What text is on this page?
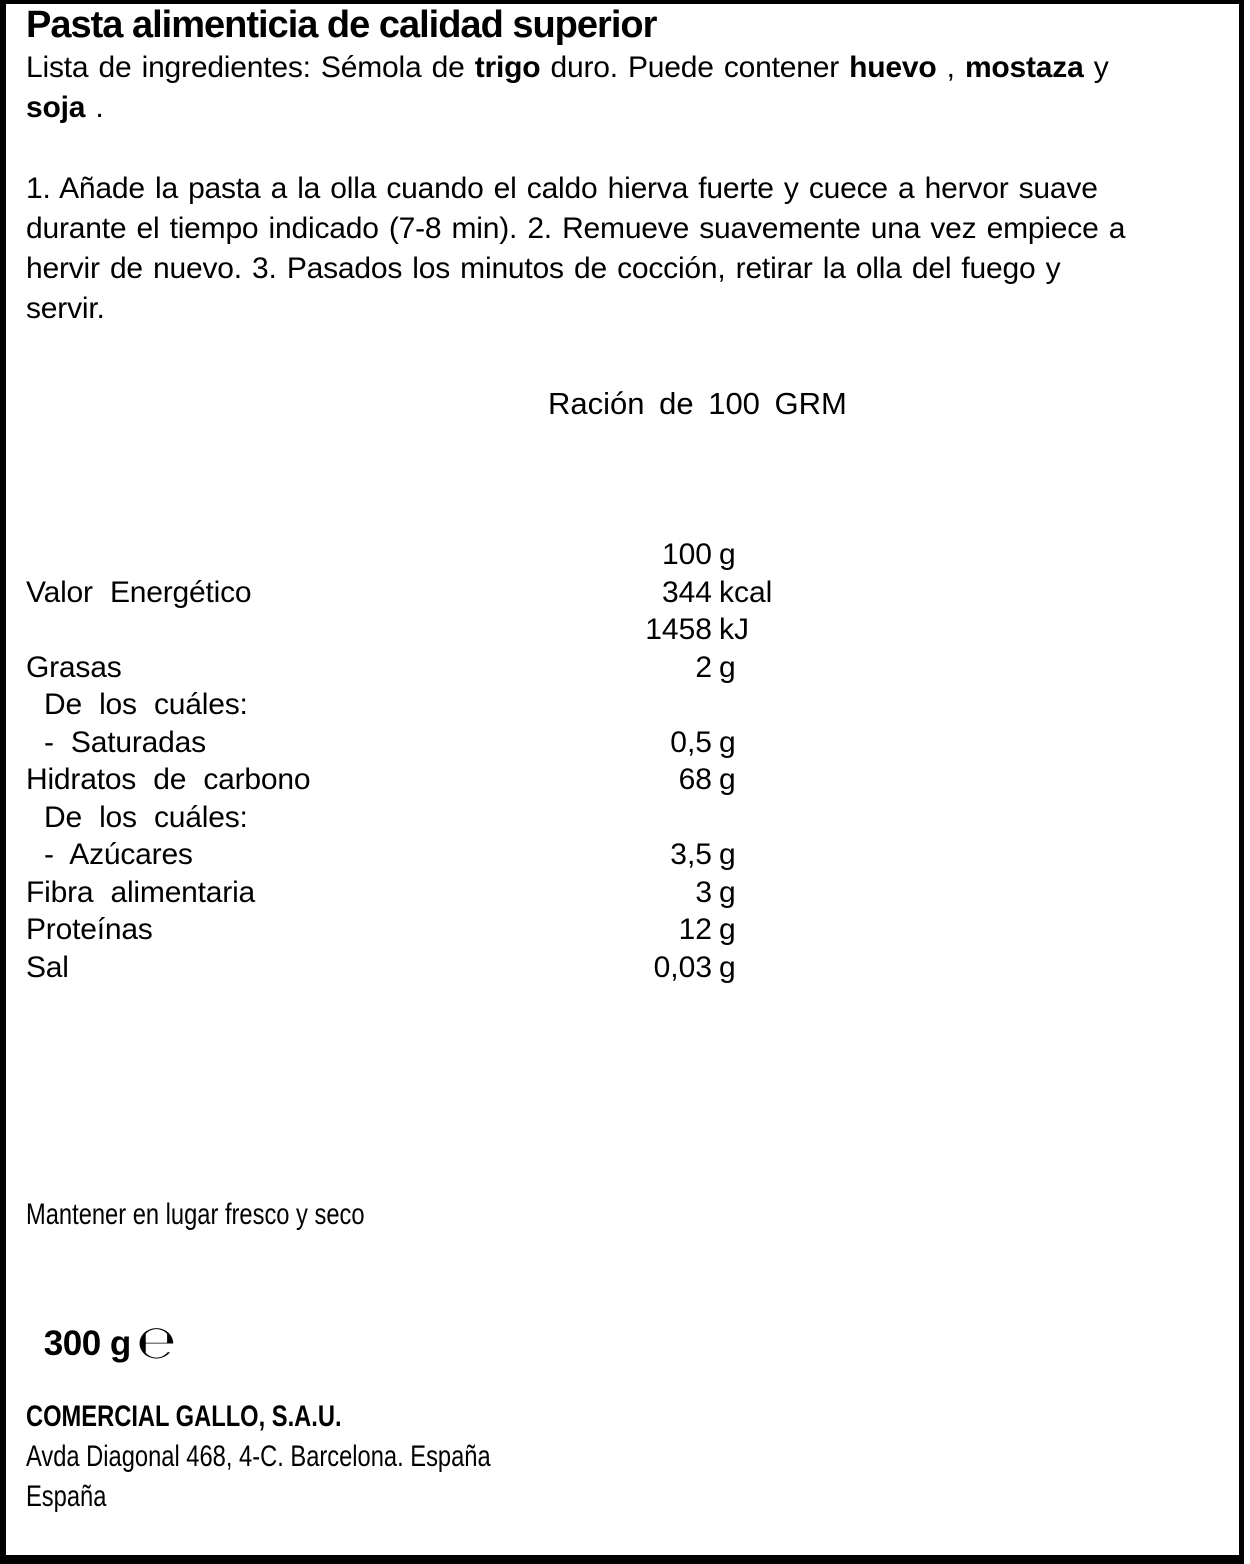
Pasta alimenticia de calidad superior
Lista de ingredientes: Sémola de trigo duro. Puede contener huevo , mostaza y
soja .
1. Añade la pasta a la olla cuando el caldo hierva fuerte y cuece a hervor suave
durante el tiempo indicado (7-8 min). 2. Remueve suavemente una vez empiece a
hervir de nuevo. 3. Pasados los minutos de cocción, retirar la olla del fuego y
servir.
Ración de 100 GRM
100 g
Valor Energético	344 kcal
1458 kJ
Grasas	2 g
De los cuáles:
- Saturadas	0,5 g
Hidratos de carbono	68 g
De los cuáles:
- Azúcares	3,5 g
Fibra alimentaria	3 g
Proteínas	12 g
Sal	0,03 g
Mantener en lugar fresco y seco

300 g ℮

COMERCIAL GALLO, S.A.U.
Avda Diagonal 468, 4-C. Barcelona. España
España
